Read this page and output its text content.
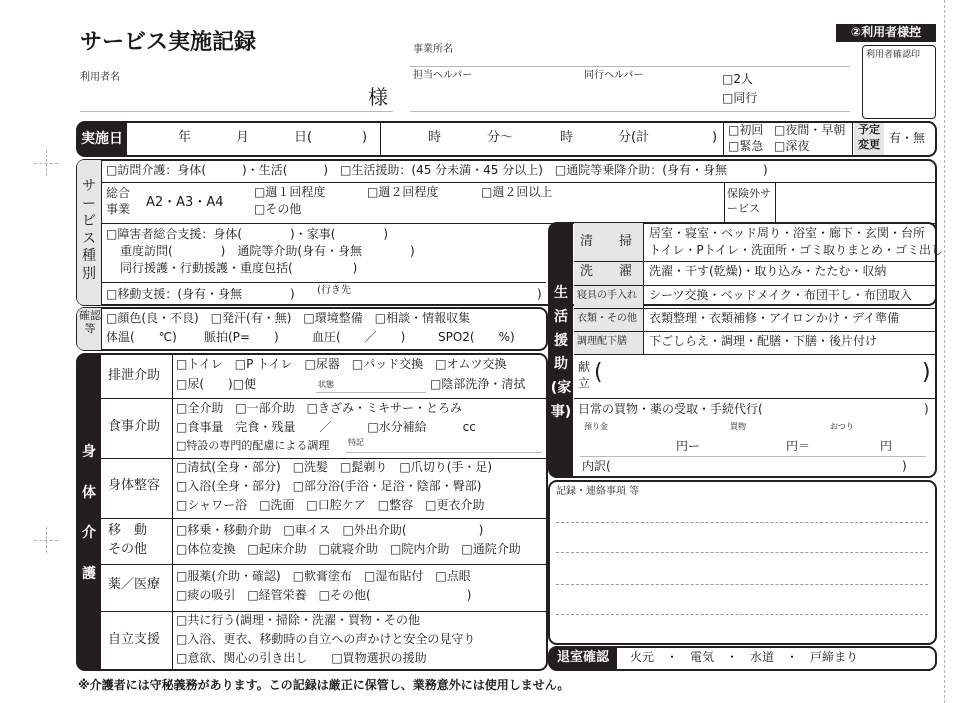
サービス実施記録	事業所名
利用者名
様
担当ヘルパー	同行ヘルパー	□2人
□同行
②利用者様控
利用者確認印
実施日	年	月	日(	)	時	分～	時	分(計	) □初回 □夜間・早朝
□緊急 □深夜
予定変更 有・無
サービス種別
□訪問介護：身体(　　　)・生活(　　　)　□生活援助：(45 分未満・45 分以上)　□通院等乗降介助：(身有・身無　　　)
総合事業	A2・A3・A4
□週１回程度	□週２回程度	□週２回以上
□その他
保険外サービス
□障害者総合支援：身体(　　　　)・家事(　　　　)
重度訪問(　　　　)　通院等介助(身有・身無　　　　)
同行援護・行動援護・重度包括(　　　　　)
□移動支援：(身有・身無　　　　) (行き先	)
確認等
□顔色(良・不良)　□発汗(有・無)　□環境整備　□相談・情報収集
体温(　　℃) 脈拍(P=　　)	血圧(　　／　　)	SPO2(　　%)
身体介護
排泄介助
□トイレ　□P トイレ　□尿器　□パッド交換　□オムツ交換
□尿(　　)□便	状態	□陰部洗浄・清拭
食事介助
□全介助　□一部介助　□きざみ・ミキサー・とろみ
□食事量　完食・残量　　／　　　□水分補給　　　cc
□特設の専門的配慮による調理 特記
身体整容
□清拭(全身・部分)　□洗髪　□髭剃り　□爪切り(手・足)
□入浴(全身・部分)　□部分浴(手浴・足浴・陰部・臀部)
□シャワー浴　□洗面　□口腔ケア　□整容　□更衣介助
移　動
その他
□移乗・移動介助　□車イス　□外出介助(　　　　　　)
□体位変換　□起床介助　□就寝介助　□院内介助　□通院介助
薬／医療
□服薬(介助・確認)　□軟膏塗布　□湿布貼付　□点眼
□痰の吸引　□経管栄養　□その他(　　　　　　　　)
自立支援
□共に行う(調理・掃除・洗濯・買物・その他
□入浴、更衣、移動時の自立への声かけと安全の見守り
□意欲、関心の引き出し　　□買物選択の援助
生活援助(家事)
清　　掃
居室・寝室・ベッド周り・浴室・廊下・玄関・台所
トイレ・Pトイレ・洗面所・ゴミ取りまとめ・ゴミ出し
洗　　濯 洗濯・干す(乾燥)・取り込み・たたむ・収納
寝具の手入れ シーツ交換・ベッドメイク・布団干し・布団取入
衣類・その他 衣類整理・衣類補修・アイロンかけ・デイ準備
調理配下膳 下ごしらえ・調理・配膳・下膳・後片付け
献立 (	)
日常の買物・薬の受取・手続代行(	)
預り金	買物	おつり
円ー	円＝	円
内訳(	)
記録・連絡事項 等
退室確認	火元　・　電気　・　水道　・　戸締まり
※介護者には守秘義務があります。この記録は厳正に保管し、業務意外には使用しません。
